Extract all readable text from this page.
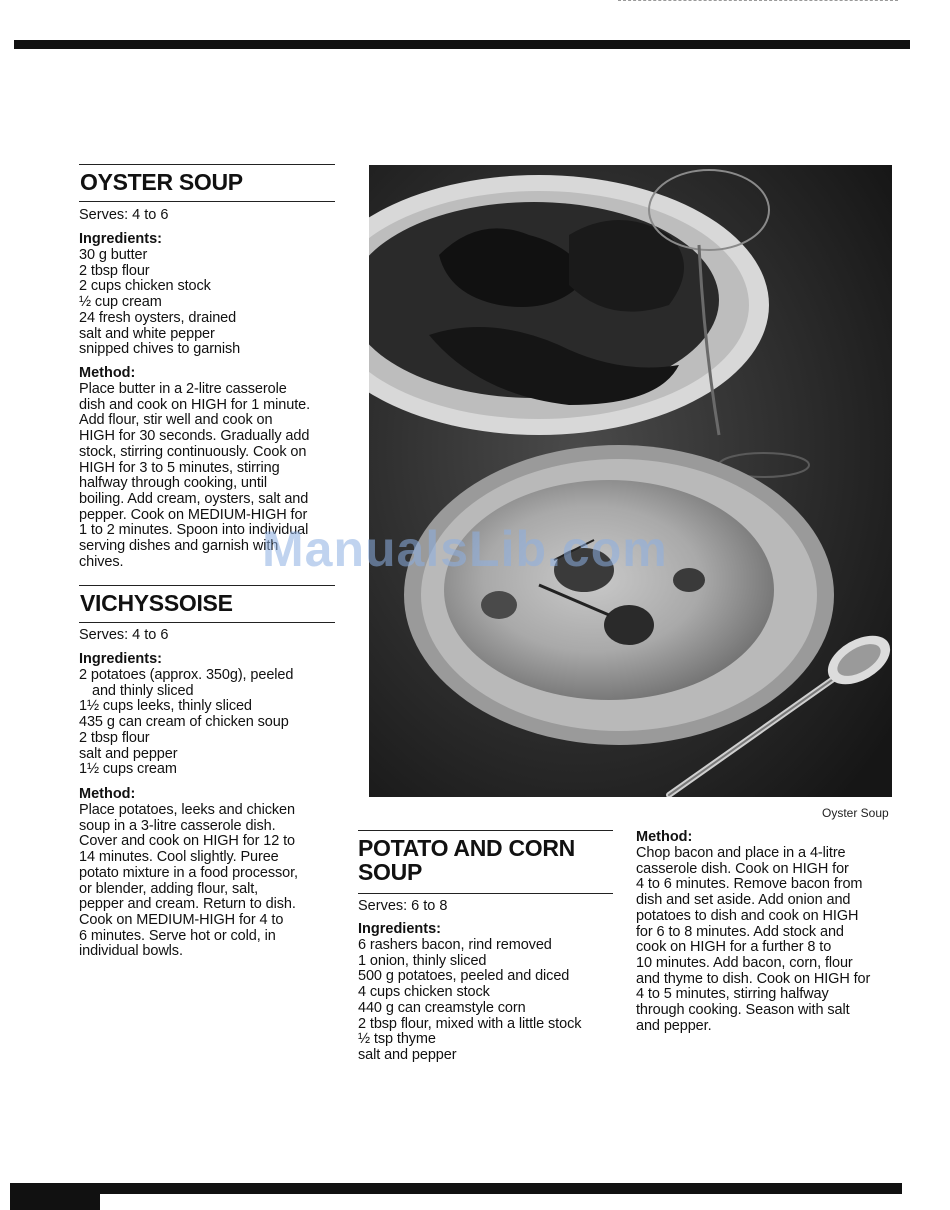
OYSTER SOUP
Serves: 4 to 6
Ingredients:
30 g butter
2 tbsp flour
2 cups chicken stock
½ cup cream
24 fresh oysters, drained
salt and white pepper
snipped chives to garnish
Method:
Place butter in a 2-litre casserole
dish and cook on HIGH for 1 minute.
Add flour, stir well and cook on
HIGH for 30 seconds. Gradually add
stock, stirring continuously. Cook on
HIGH for 3 to 5 minutes, stirring
halfway through cooking, until
boiling. Add cream, oysters, salt and
pepper. Cook on MEDIUM-HIGH for
1 to 2 minutes. Spoon into individual
serving dishes and garnish with
chives.
VICHYSSOISE
Serves: 4 to 6
Ingredients:
2 potatoes (approx. 350g), peeled
and thinly sliced
1½ cups leeks, thinly sliced
435 g can cream of chicken soup
2 tbsp flour
salt and pepper
1½ cups cream
Method:
Place potatoes, leeks and chicken
soup in a 3-litre casserole dish.
Cover and cook on HIGH for 12 to
14 minutes. Cool slightly. Puree
potato mixture in a food processor,
or blender, adding flour, salt,
pepper and cream. Return to dish.
Cook on MEDIUM-HIGH for 4 to
6 minutes. Serve hot or cold, in
individual bowls.
Oyster Soup
POTATO AND CORN
SOUP
Serves: 6 to 8
Ingredients:
6 rashers bacon, rind removed
1 onion, thinly sliced
500 g potatoes, peeled and diced
4 cups chicken stock
440 g can creamstyle corn
2 tbsp flour, mixed with a little stock
½ tsp thyme
salt and pepper
Method:
Chop bacon and place in a 4-litre
casserole dish. Cook on HIGH for
4 to 6 minutes. Remove bacon from
dish and set aside. Add onion and
potatoes to dish and cook on HIGH
for 6 to 8 minutes. Add stock and
cook on HIGH for a further 8 to
10 minutes. Add bacon, corn, flour
and thyme to dish. Cook on HIGH for
4 to 5 minutes, stirring halfway
through cooking. Season with salt
and pepper.
ManualsLib.com
